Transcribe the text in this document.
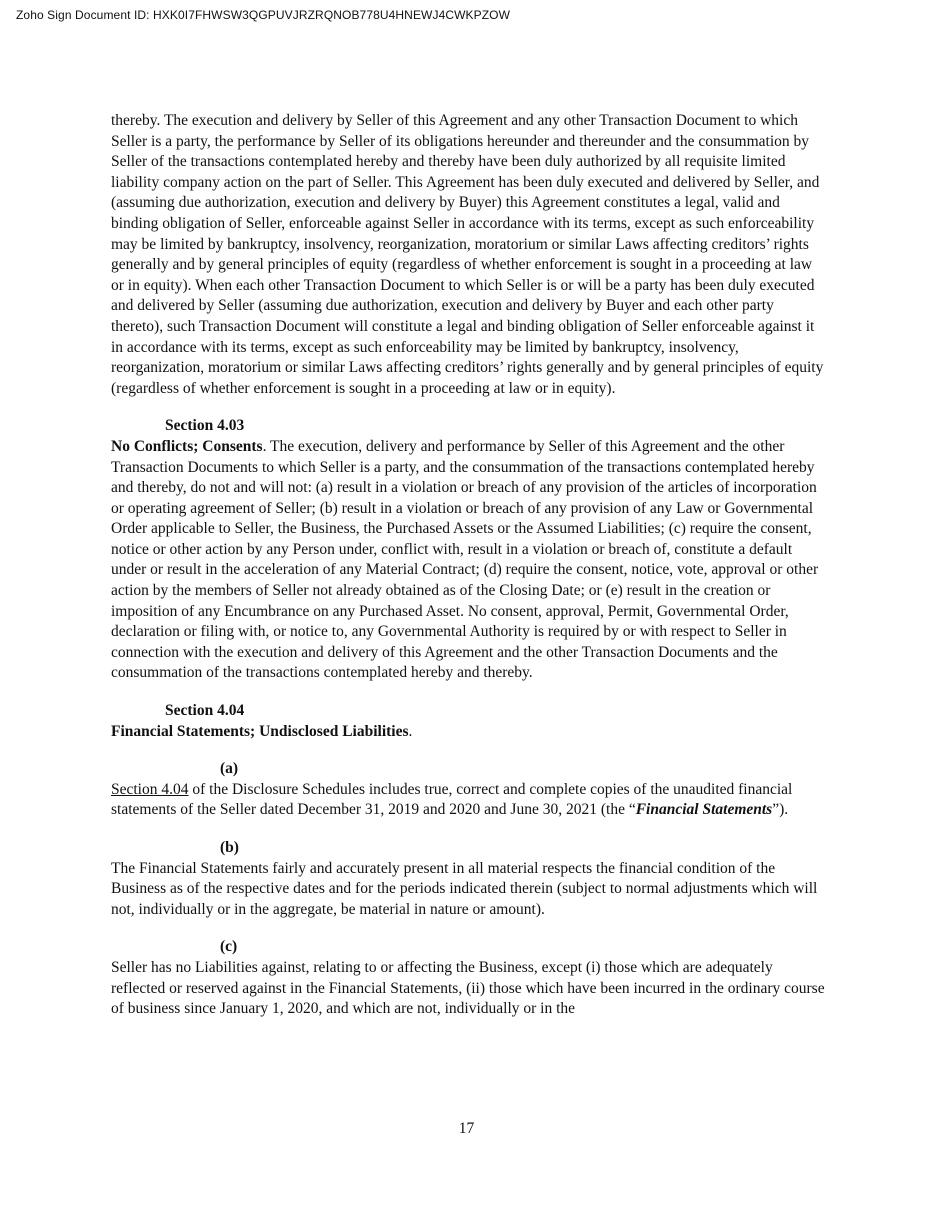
Zoho Sign Document ID: HXK0I7FHWSW3QGPUVJRZRQNOB778U4HNEWJ4CWKPZOW

thereby. The execution and delivery by Seller of this Agreement and any other Transaction Document to which Seller is a party, the performance by Seller of its obligations hereunder and thereunder and the consummation by Seller of the transactions contemplated hereby and thereby have been duly authorized by all requisite limited liability company action on the part of Seller. This Agreement has been duly executed and delivered by Seller, and (assuming due authorization, execution and delivery by Buyer) this Agreement constitutes a legal, valid and binding obligation of Seller, enforceable against Seller in accordance with its terms, except as such enforceability may be limited by bankruptcy, insolvency, reorganization, moratorium or similar Laws affecting creditors’ rights generally and by general principles of equity (regardless of whether enforcement is sought in a proceeding at law or in equity). When each other Transaction Document to which Seller is or will be a party has been duly executed and delivered by Seller (assuming due authorization, execution and delivery by Buyer and each other party thereto), such Transaction Document will constitute a legal and binding obligation of Seller enforceable against it in accordance with its terms, except as such enforceability may be limited by bankruptcy, insolvency, reorganization, moratorium or similar Laws affecting creditors’ rights generally and by general principles of equity (regardless of whether enforcement is sought in a proceeding at law or in equity).

Section 4.03

No Conflicts; Consents. The execution, delivery and performance by Seller of this Agreement and the other Transaction Documents to which Seller is a party, and the consummation of the transactions contemplated hereby and thereby, do not and will not: (a) result in a violation or breach of any provision of the articles of incorporation or operating agreement of Seller; (b) result in a violation or breach of any provision of any Law or Governmental Order applicable to Seller, the Business, the Purchased Assets or the Assumed Liabilities; (c) require the consent, notice or other action by any Person under, conflict with, result in a violation or breach of, constitute a default under or result in the acceleration of any Material Contract; (d) require the consent, notice, vote, approval or other action by the members of Seller not already obtained as of the Closing Date; or (e) result in the creation or imposition of any Encumbrance on any Purchased Asset. No consent, approval, Permit, Governmental Order, declaration or filing with, or notice to, any Governmental Authority is required by or with respect to Seller in connection with the execution and delivery of this Agreement and the other Transaction Documents and the consummation of the transactions contemplated hereby and thereby.

Section 4.04

Financial Statements; Undisclosed Liabilities.

(a)

Section 4.04 of the Disclosure Schedules includes true, correct and complete copies of the unaudited financial statements of the Seller dated December 31, 2019 and 2020 and June 30, 2021 (the “Financial Statements”).

(b)

The Financial Statements fairly and accurately present in all material respects the financial condition of the Business as of the respective dates and for the periods indicated therein (subject to normal adjustments which will not, individually or in the aggregate, be material in nature or amount).

(c)

Seller has no Liabilities against, relating to or affecting the Business, except (i) those which are adequately reflected or reserved against in the Financial Statements, (ii) those which have been incurred in the ordinary course of business since January 1, 2020, and which are not, individually or in the

17
